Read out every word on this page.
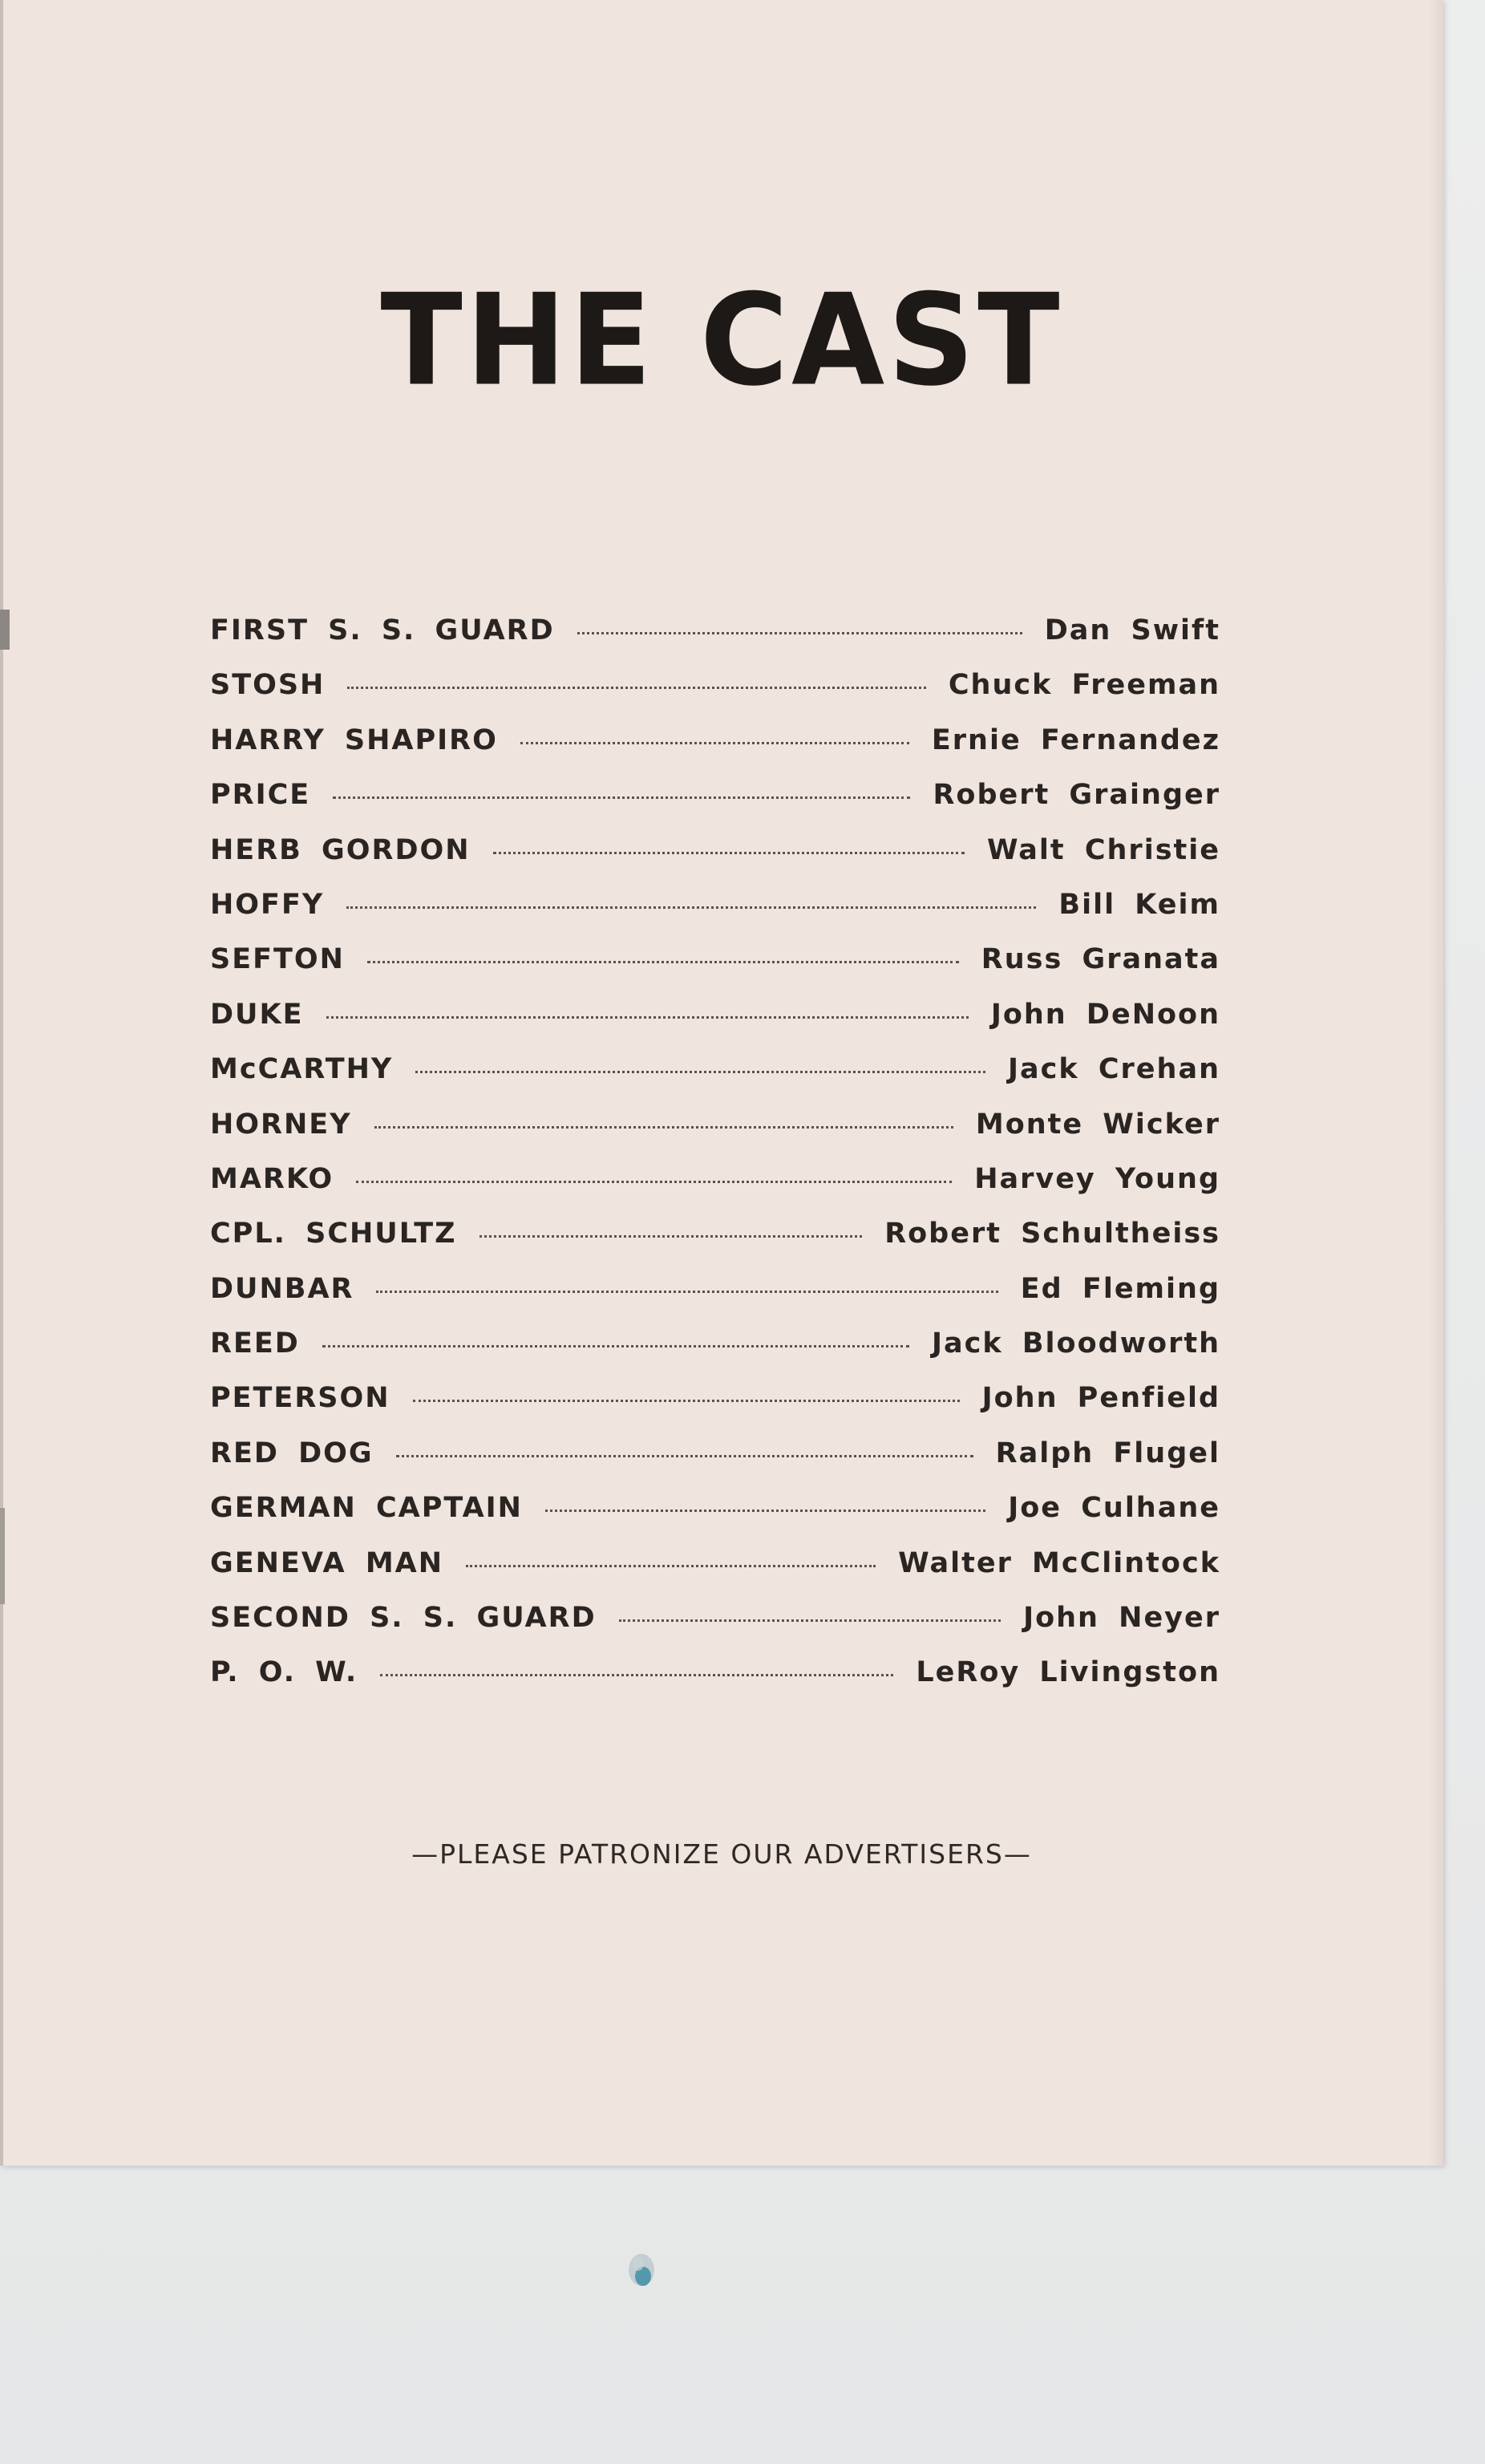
THE CAST
FIRST S. S. GUARD	Dan Swift
STOSH	Chuck Freeman
HARRY SHAPIRO	Ernie Fernandez
PRICE	Robert Grainger
HERB GORDON	Walt Christie
HOFFY	Bill Keim
SEFTON	Russ Granata
DUKE	John DeNoon
McCARTHY	Jack Crehan
HORNEY	Monte Wicker
MARKO	Harvey Young
CPL. SCHULTZ	Robert Schultheiss
DUNBAR	Ed Fleming
REED	Jack Bloodworth
PETERSON	John Penfield
RED DOG	Ralph Flugel
GERMAN CAPTAIN	Joe Culhane
GENEVA MAN	Walter McClintock
SECOND S. S. GUARD	John Neyer
P. O. W.	LeRoy Livingston
—PLEASE PATRONIZE OUR ADVERTISERS—
